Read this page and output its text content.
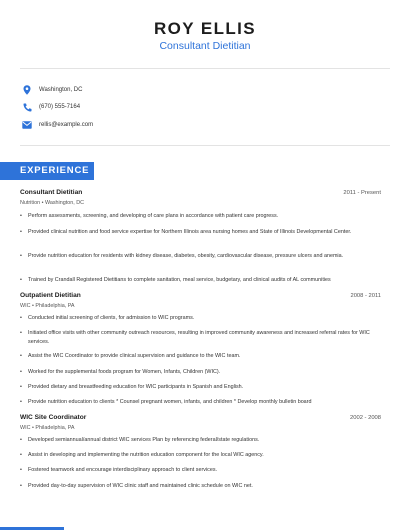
ROY ELLIS
Consultant Dietitian
Washington, DC
(670) 555-7164
rellis@example.com
EXPERIENCE
Consultant Dietitian	2011 - Present
Nutrition • Washington, DC
• Perform assessments, screening, and developing of care plans in accordance with patient care progress.
• Provided clinical nutrition and food service expertise for Northern Illinois area nursing homes and State of Illinois Developmental Center.
• Provide nutrition education for residents with kidney disease, diabetes, obesity, cardiovascular disease, pressure ulcers and anemia.
• Trained by Crandall Registered Dietitians to complete sanitation, meal service, budgetary, and clinical audits of AL communities
Outpatient Dietitian	2008 - 2011
WIC • Philadelphia, PA
• Conducted initial screening of clients, for admission to WIC programs.
• Initiated office visits with other community outreach resources, resulting in improved community awareness and increased referral rates for WIC services.
• Assist the WIC Coordinator to provide clinical supervision and guidance to the WIC team.
• Worked for the supplemental foods program for Women, Infants, Children (WIC).
• Provided dietary and breastfeeding education for WIC participants in Spanish and English.
• Provide nutrition education to clients * Counsel pregnant women, infants, and children * Develop monthly bulletin board
WIC Site Coordinator	2002 - 2008
WIC • Philadelphia, PA
• Developed semiannual/annual district WIC services Plan by referencing federal/state regulations.
• Assist in developing and implementing the nutrition education component for the local WIC agency.
• Fostered teamwork and encourage interdisciplinary approach to client services.
• Provided day-to-day supervision of WIC clinic staff and maintained clinic schedule on WIC net.
